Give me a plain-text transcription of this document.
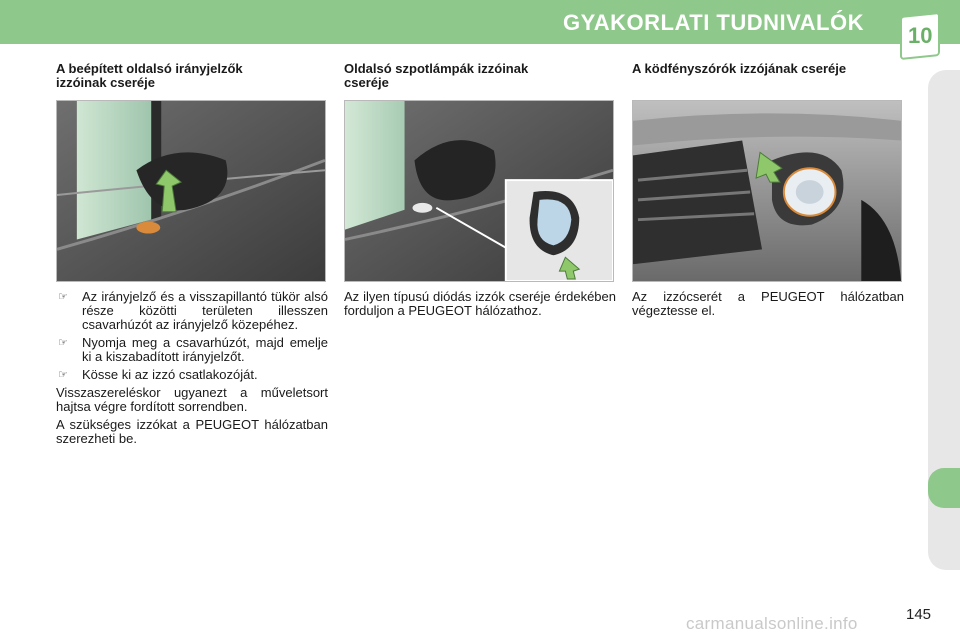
GYAKORLATI TUDNIVALÓK
10
A beépített oldalsó irányjelzők
izzóinak cseréje
☞	Az irányjelző és a visszapillantó tükör alsó része közötti területen illesszen csavarhúzót az irányjelző közepéhez.
☞	Nyomja meg a csavarhúzót, majd emelje ki a kiszabadított irányjelzőt.
☞	Kösse ki az izzó csatlakozóját.

Visszaszereléskor ugyanezt a műveletsort hajtsa végre fordított sorrendben.

A szükséges izzókat a PEUGEOT hálózatban szerezheti be.

Oldalsó szpotlámpák izzóinak
cseréje

Az ilyen típusú diódás izzók cseréje érdekében forduljon a PEUGEOT hálózathoz.

A ködfényszórók izzójának cseréje

Az izzócserét a PEUGEOT hálózatban végeztesse el.

carmanualsonline.info	145
